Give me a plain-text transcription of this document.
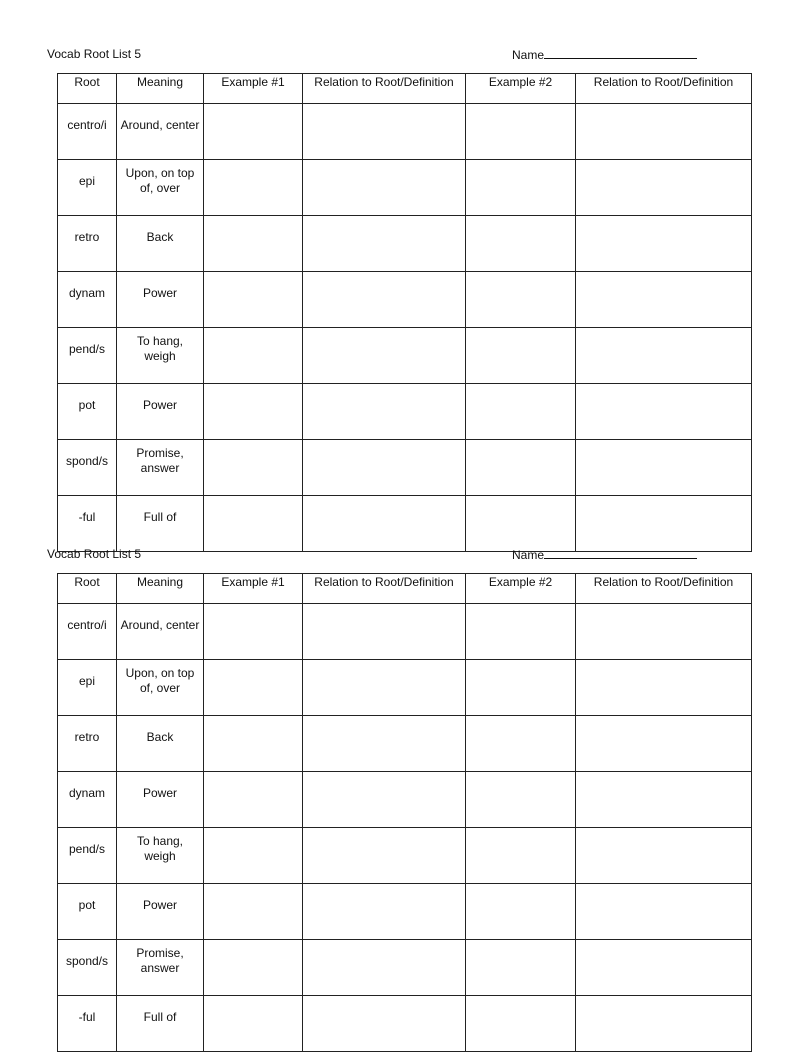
Vocab Root List 5	Name
Root	Meaning	Example #1	Relation to Root/Definition	Example #2	Relation to Root/Definition
centro/i	Around, center				
epi	Upon, on top of, over				
retro	Back				
dynam	Power				
pend/s	To hang, weigh				
pot	Power				
spond/s	Promise, answer				
-ful	Full of				
Vocab Root List 5	Name
Root	Meaning	Example #1	Relation to Root/Definition	Example #2	Relation to Root/Definition
centro/i	Around, center				
epi	Upon, on top of, over				
retro	Back				
dynam	Power				
pend/s	To hang, weigh				
pot	Power				
spond/s	Promise, answer				
-ful	Full of				
